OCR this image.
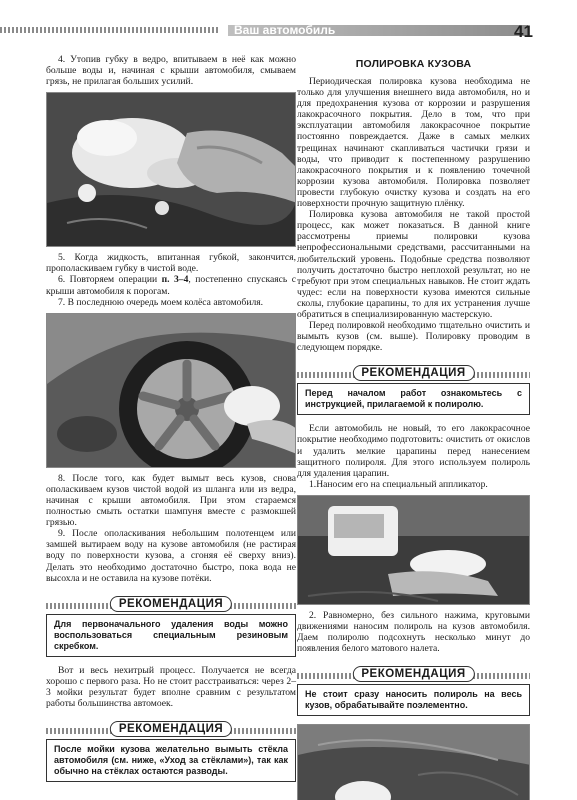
Ваш автомобиль	41

4. Утопив губку в ведро, впитываем в неё как можно больше воды и, начиная с крыши автомобиля, смываем грязь, не прилагая больших усилий.

5. Когда жидкость, впитанная губкой, закончится, прополаскиваем губку в чистой воде.

6. Повторяем операции п. 3–4, постепенно спускаясь с крыши автомобиля к порогам.

7. В последнюю очередь моем колёса автомобиля.

8. После того, как будет вымыт весь кузов, снова ополаскиваем кузов чистой водой из шланга или из ведра, начиная с крыши автомобиля. При этом стараемся полностью смыть остатки шампуня вместе с размокшей грязью.

9. После ополаскивания небольшим полотенцем или замшей вытираем воду на кузове автомобиля (не растирая воду по поверхности кузова, а сгоняя её сверху вниз). Делать это необходимо достаточно быстро, пока вода не высохла и не оставила на кузове потёки.

РЕКОМЕНДАЦИЯ
Для первоначального удаления воды можно воспользоваться специальным резиновым скребком.

Вот и весь нехитрый процесс. Получается не всегда хорошо с первого раза. Но не стоит расстраиваться: через 2–3 мойки результат будет вполне сравним с результатом работы большинства автомоек.

РЕКОМЕНДАЦИЯ
После мойки кузова желательно вымыть стёкла автомобиля (см. ниже, «Уход за стёклами»), так как обычно на стёклах остаются разводы.
ПОЛИРОВКА КУЗОВА

Периодическая полировка кузова необходима не только для улучшения внешнего вида автомобиля, но и для предохранения кузова от коррозии и разрушения лакокрасочного покрытия. Дело в том, что при эксплуатации автомобиля лакокрасочное покрытие постоянно повреждается. Даже в самых мелких трещинах начинают скапливаться частички грязи и воды, что приводит к постепенному разрушению лакокрасочного покрытия и к появлению точечной коррозии кузова автомобиля. Полировка позволяет провести глубокую очистку кузова и создать на его поверхности прочную защитную плёнку.

Полировка кузова автомобиля не такой простой процесс, как может показаться. В данной книге рассмотрены приемы полировки кузова непрофессиональными средствами, рассчитанными на любительский уровень. Подобные средства позволяют получить достаточно быстро неплохой результат, но не требуют при этом специальных навыков. Не стоит ждать чудес: если на поверхности кузова имеются сильные сколы, глубокие царапины, то для их устранения лучше обратиться в специализированную мастерскую.

Перед полировкой необходимо тщательно очистить и вымыть кузов (см. выше). Полировку проводим в следующем порядке.

РЕКОМЕНДАЦИЯ
Перед началом работ ознакомьтесь с инструкцией, прилагаемой к полиролю.

Если автомобиль не новый, то его лакокрасочное покрытие необходимо подготовить: очистить от окислов и удалить мелкие царапины перед нанесением защитного полироля. Для этого используем полироль для удаления царапин.

1.Наносим его на специальный аппликатор.

2. Равномерно, без сильного нажима, круговыми движениями наносим полироль на кузов автомобиля. Даем полиролю подсохнуть несколько минут до появления белого матового налета.

РЕКОМЕНДАЦИЯ
Не стоит сразу наносить полироль на весь кузов, обрабатывайте поэлементно.
